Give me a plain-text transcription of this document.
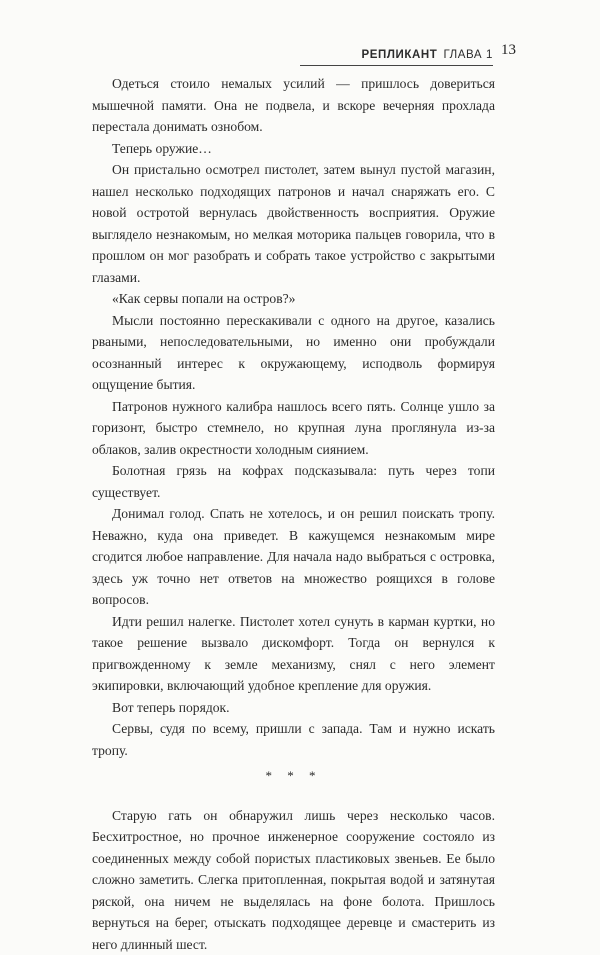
РЕПЛИКАНТ ГЛАВА 1 13

Одеться стоило немалых усилий — пришлось довериться мышечной памяти. Она не подвела, и вскоре вечерняя прохлада перестала донимать ознобом.

Теперь оружие…

Он пристально осмотрел пистолет, затем вынул пустой магазин, нашел несколько подходящих патронов и начал снаряжать его. С новой остротой вернулась двойственность восприятия. Оружие выглядело незнакомым, но мелкая моторика пальцев говорила, что в прошлом он мог разобрать и собрать такое устройство с закрытыми глазами.

«Как сервы попали на остров?»

Мысли постоянно перескакивали с одного на другое, казались рваными, непоследовательными, но именно они пробуждали осознанный интерес к окружающему, исподволь формируя ощущение бытия.

Патронов нужного калибра нашлось всего пять. Солнце ушло за горизонт, быстро стемнело, но крупная луна проглянула из-за облаков, залив окрестности холодным сиянием.

Болотная грязь на кофрах подсказывала: путь через топи существует.

Донимал голод. Спать не хотелось, и он решил поискать тропу. Неважно, куда она приведет. В кажущемся незнакомым мире сгодится любое направление. Для начала надо выбраться с островка, здесь уж точно нет ответов на множество роящихся в голове вопросов.

Идти решил налегке. Пистолет хотел сунуть в карман куртки, но такое решение вызвало дискомфорт. Тогда он вернулся к пригвожденному к земле механизму, снял с него элемент экипировки, включающий удобное крепление для оружия.

Вот теперь порядок.

Сервы, судя по всему, пришли с запада. Там и нужно искать тропу.

* * *

Старую гать он обнаружил лишь через несколько часов. Бесхитростное, но прочное инженерное сооружение состояло из соединенных между собой пористых пластиковых звеньев. Ее было сложно заметить. Слегка притопленная, покрытая водой и затянутая ряской, она ничем не выделялась на фоне болота. Пришлось вернуться на берег, отыскать подходящее деревце и смастерить из него длинный шест.
